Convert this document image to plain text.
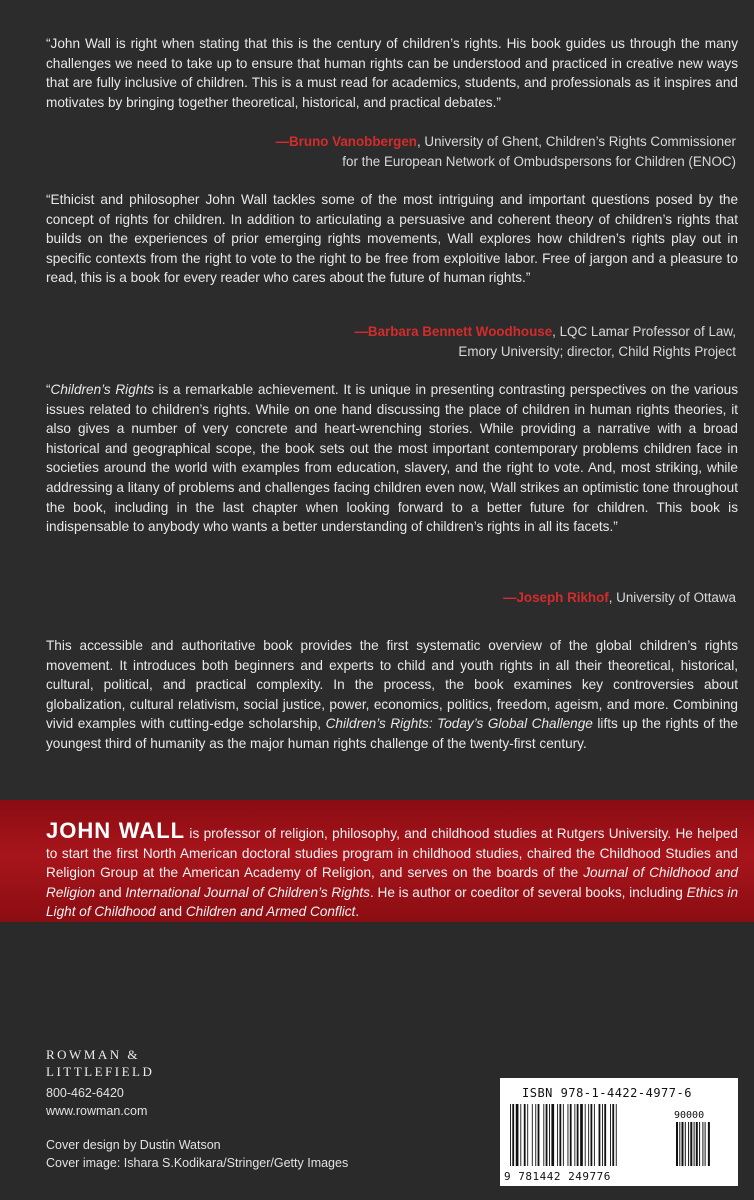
“John Wall is right when stating that this is the century of children’s rights. His book guides us through the many challenges we need to take up to ensure that human rights can be understood and practiced in creative new ways that are fully inclusive of children. This is a must read for academics, students, and professionals as it inspires and motivates by bringing together theoretical, historical, and practical debates.”

—Bruno Vanobbergen, University of Ghent, Children’s Rights Commissioner
for the European Network of Ombudspersons for Children (ENOC)

“Ethicist and philosopher John Wall tackles some of the most intriguing and important questions posed by the concept of rights for children. In addition to articulating a persuasive and coherent theory of children’s rights that builds on the experiences of prior emerging rights movements, Wall explores how children’s rights play out in specific contexts from the right to vote to the right to be free from exploitive labor. Free of jargon and a pleasure to read, this is a book for every reader who cares about the future of human rights.”

—Barbara Bennett Woodhouse, LQC Lamar Professor of Law,
Emory University; director, Child Rights Project

“Children’s Rights is a remarkable achievement. It is unique in presenting contrasting perspectives on the various issues related to children’s rights. While on one hand discussing the place of children in human rights theories, it also gives a number of very concrete and heart-wrenching stories. While providing a narrative with a broad historical and geographical scope, the book sets out the most important contemporary problems children face in societies around the world with examples from education, slavery, and the right to vote. And, most striking, while addressing a litany of problems and challenges facing children even now, Wall strikes an optimistic tone throughout the book, including in the last chapter when looking forward to a better future for children. This book is indispensable to anybody who wants a better understanding of children’s rights in all its facets.”

—Joseph Rikhof, University of Ottawa

This accessible and authoritative book provides the first systematic overview of the global children’s rights movement. It introduces both beginners and experts to child and youth rights in all their theoretical, historical, cultural, political, and practical complexity. In the process, the book examines key controversies about globalization, cultural relativism, social justice, power, economics, politics, freedom, ageism, and more. Combining vivid examples with cutting-edge scholarship, Children’s Rights: Today’s Global Challenge lifts up the rights of the youngest third of humanity as the major human rights challenge of the twenty-first century.

JOHN WALL is professor of religion, philosophy, and childhood studies at Rutgers University. He helped to start the first North American doctoral studies program in childhood studies, chaired the Childhood Studies and Religion Group at the American Academy of Religion, and serves on the boards of the Journal of Childhood and Religion and International Journal of Children’s Rights. He is author or coeditor of several books, including Ethics in Light of Childhood and Children and Armed Conflict.
ROWMAN &
LITTLEFIELD
800-462-6420
www.rowman.com
Cover design by Dustin Watson
Cover image: Ishara S.Kodikara/Stringer/Getty Images
ISBN 978-1-4422-4977-6
90000
9 781442 249776
